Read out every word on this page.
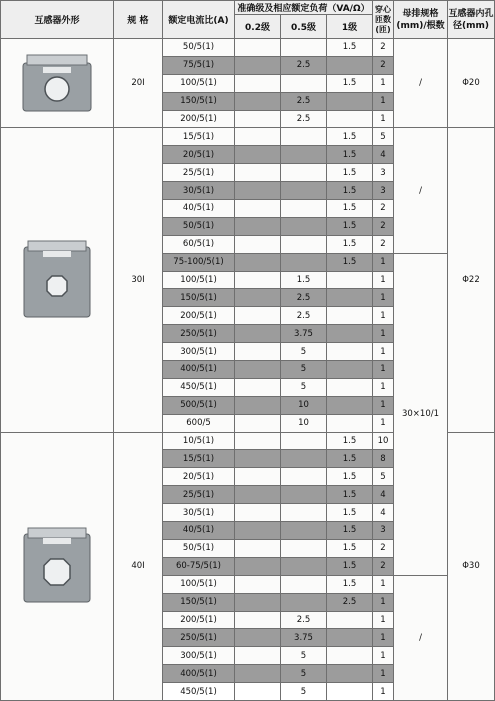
互感器外形	规 格	额定电流比(A)	准确级及相应额定负荷（VA/Ω）			穿心匝数(匝)	母排规格(mm)/根数	互感器内孔径(mm)
			0.2级	0.5级	1级			

	20I	50/5(1)			1.5	2	/	Φ20
		75/5(1)		2.5		2		
		100/5(1)			1.5	1		
		150/5(1)		2.5		1		
		200/5(1)		2.5		1		

	30I	15/5(1)			1.5	5	/	Φ22
		20/5(1)			1.5	4		
		25/5(1)			1.5	3		
		30/5(1)			1.5	3		
		40/5(1)			1.5	2		
		50/5(1)			1.5	2		
		60/5(1)			1.5	2		
		75-100/5(1)			1.5	1	30×10/1	
		100/5(1)		1.5		1		
		150/5(1)		2.5		1		
		200/5(1)		2.5		1		
		250/5(1)		3.75		1		
		300/5(1)		5		1		
		400/5(1)		5		1		
		450/5(1)		5		1		
		500/5(1)		10		1		
		600/5		10		1		

	40I	10/5(1)			1.5	10		Φ30
		15/5(1)			1.5	8		
		20/5(1)			1.5	5		
		25/5(1)			1.5	4		
		30/5(1)			1.5	4		
		40/5(1)			1.5	3		
		50/5(1)			1.5	2		
		60-75/5(1)			1.5	2		
		100/5(1)			1.5	1	/	
		150/5(1)			2.5	1		
		200/5(1)		2.5		1		
		250/5(1)		3.75		1		
		300/5(1)		5		1		
		400/5(1)		5		1		
		450/5(1)		5		1		
